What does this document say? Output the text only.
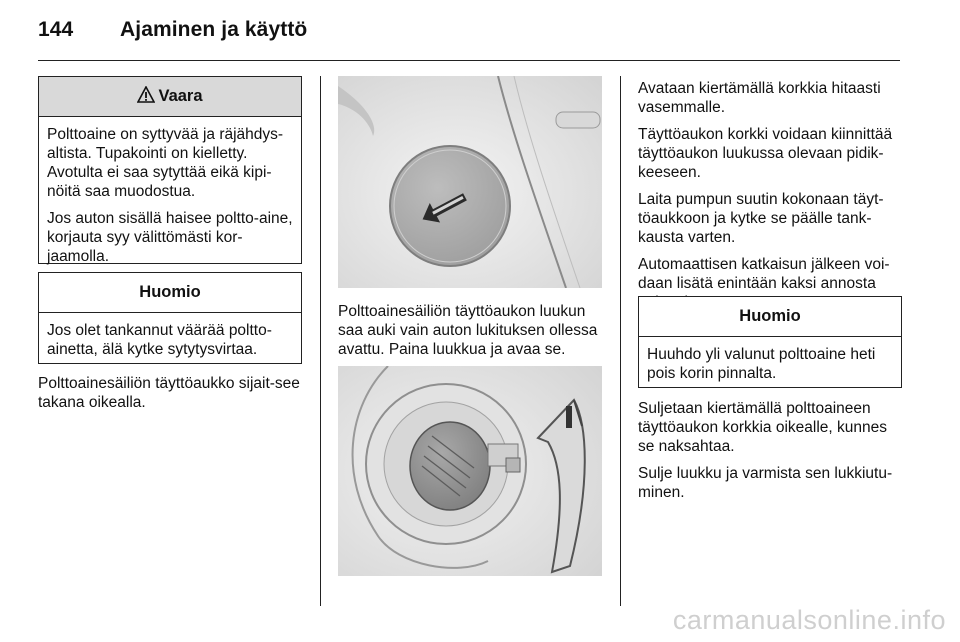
144 Ajaminen ja käyttö
Vaara

Polttoaine on syttyvää ja räjähdys-altista. Tupakointi on kielletty. Avotulta ei saa sytyttää eikä kipi-nöitä saa muodostua.

Jos auton sisällä haisee poltto-aine, korjauta syy välittömästi kor-jaamolla.

Huomio

Jos olet tankannut väärää poltto-ainetta, älä kytke sytytysvirtaa.

Polttoainesäiliön täyttöaukko sijait-see takana oikealla.

Polttoainesäiliön täyttöaukon luukun saa auki vain auton lukituksen ollessa avattu. Paina luukkua ja avaa se.

Avataan kiertämällä korkkia hitaasti vasemmalle.

Täyttöaukon korkki voidaan kiinnittää täyttöaukon luukussa olevaan pidik-keeseen.

Laita pumpun suutin kokonaan täyt-töaukkoon ja kytke se päälle tank-kausta varten.

Automaattisen katkaisun jälkeen voi-daan lisätä enintään kaksi annosta

Huomio

Huuhdo yli valunut polttoaine heti pois korin pinnalta.

Suljetaan kiertämällä polttoaineen täyttöaukon korkkia oikealle, kunnes se naksahtaa.

Sulje luukku ja varmista sen lukkiutu-minen.

carmanualsonline.info
